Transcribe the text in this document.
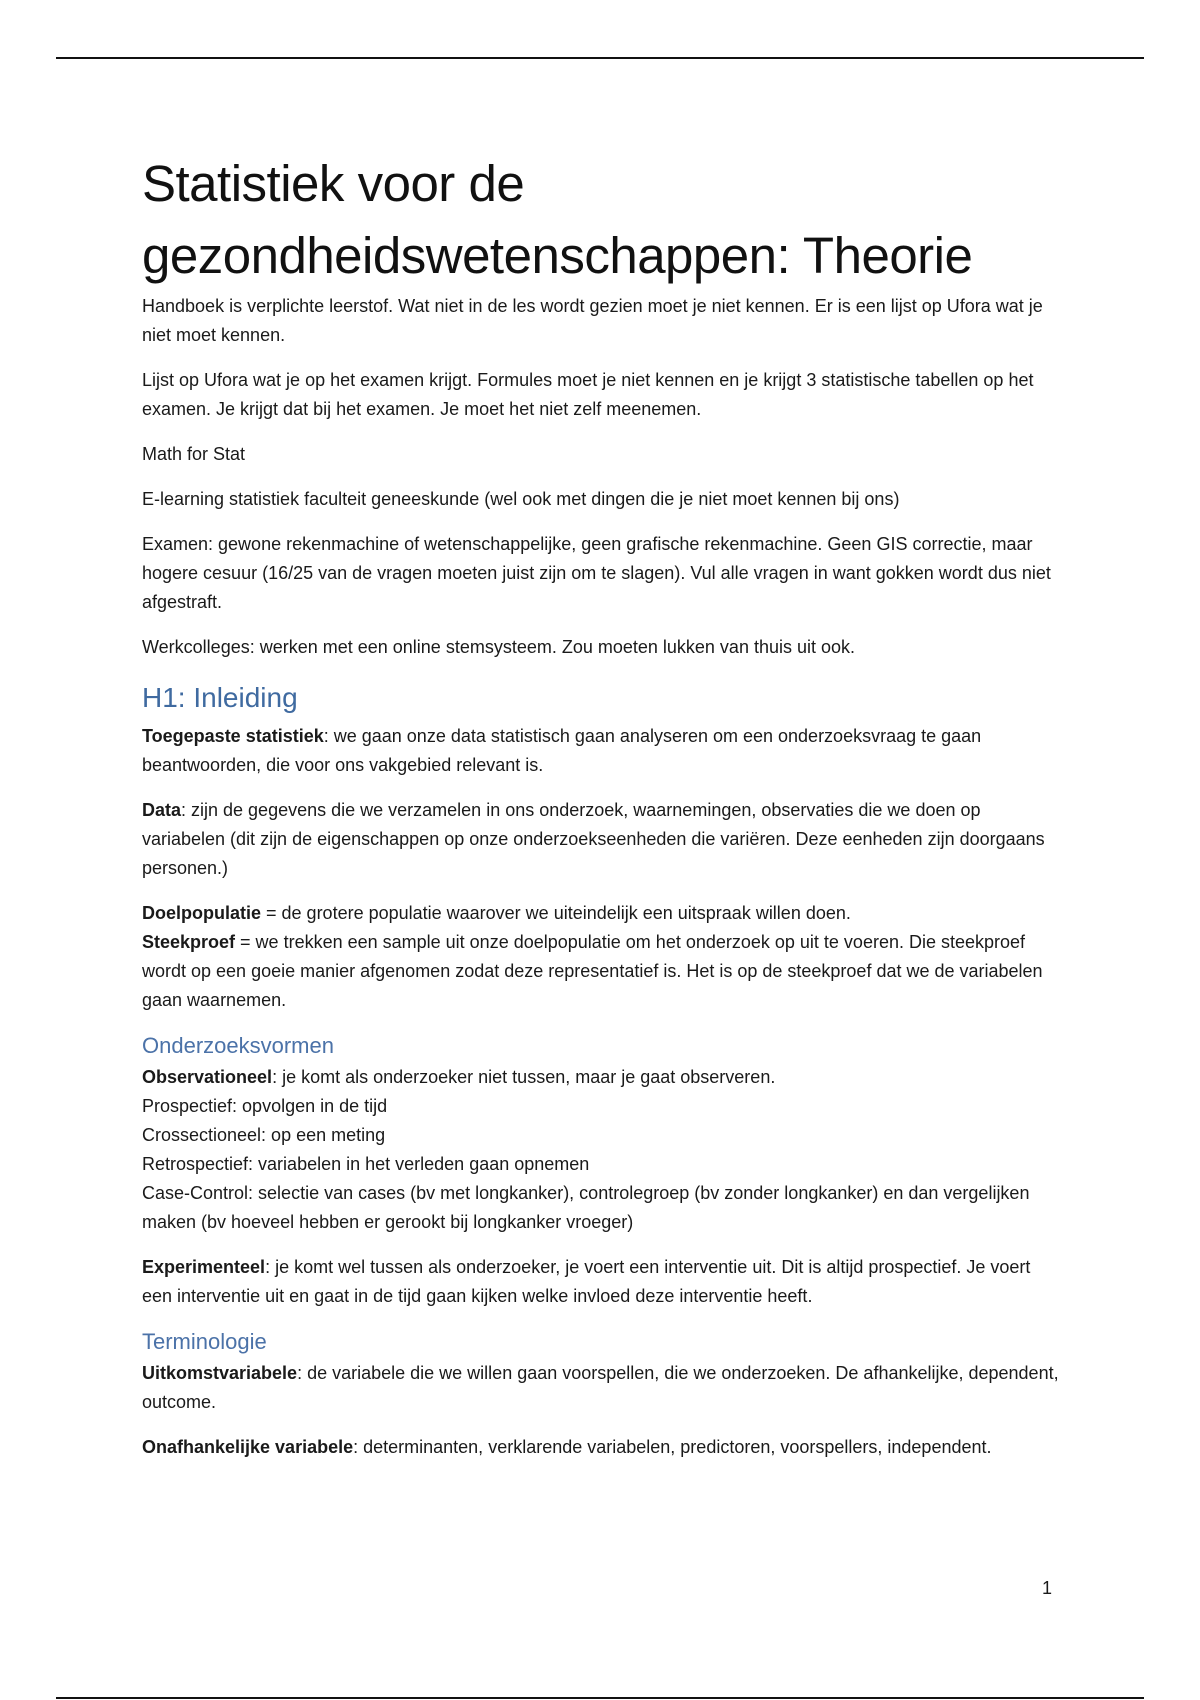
Statistiek voor de gezondheidswetenschappen: Theorie

Handboek is verplichte leerstof. Wat niet in de les wordt gezien moet je niet kennen. Er is een lijst op Ufora wat je niet moet kennen.

Lijst op Ufora wat je op het examen krijgt. Formules moet je niet kennen en je krijgt 3 statistische tabellen op het examen. Je krijgt dat bij het examen. Je moet het niet zelf meenemen.

Math for Stat

E-learning statistiek faculteit geneeskunde (wel ook met dingen die je niet moet kennen bij ons)

Examen: gewone rekenmachine of wetenschappelijke, geen grafische rekenmachine. Geen GIS correctie, maar hogere cesuur (16/25 van de vragen moeten juist zijn om te slagen). Vul alle vragen in want gokken wordt dus niet afgestraft.

Werkcolleges: werken met een online stemsysteem. Zou moeten lukken van thuis uit ook.

H1: Inleiding

Toegepaste statistiek: we gaan onze data statistisch gaan analyseren om een onderzoeksvraag te gaan beantwoorden, die voor ons vakgebied relevant is.

Data: zijn de gegevens die we verzamelen in ons onderzoek, waarnemingen, observaties die we doen op variabelen (dit zijn de eigenschappen op onze onderzoekseenheden die variëren. Deze eenheden zijn doorgaans personen.)

Doelpopulatie = de grotere populatie waarover we uiteindelijk een uitspraak willen doen.

Steekproef = we trekken een sample uit onze doelpopulatie om het onderzoek op uit te voeren. Die steekproef wordt op een goeie manier afgenomen zodat deze representatief is. Het is op de steekproef dat we de variabelen gaan waarnemen.

Onderzoeksvormen

Observationeel: je komt als onderzoeker niet tussen, maar je gaat observeren.

Prospectief: opvolgen in de tijd

Crossectioneel: op een meting

Retrospectief: variabelen in het verleden gaan opnemen

Case-Control: selectie van cases (bv met longkanker), controlegroep (bv zonder longkanker) en dan vergelijken maken (bv hoeveel hebben er gerookt bij longkanker vroeger)

Experimenteel: je komt wel tussen als onderzoeker, je voert een interventie uit. Dit is altijd prospectief. Je voert een interventie uit en gaat in de tijd gaan kijken welke invloed deze interventie heeft.

Terminologie

Uitkomstvariabele: de variabele die we willen gaan voorspellen, die we onderzoeken. De afhankelijke, dependent, outcome.

Onafhankelijke variabele: determinanten, verklarende variabelen, predictoren, voorspellers, independent.

1
